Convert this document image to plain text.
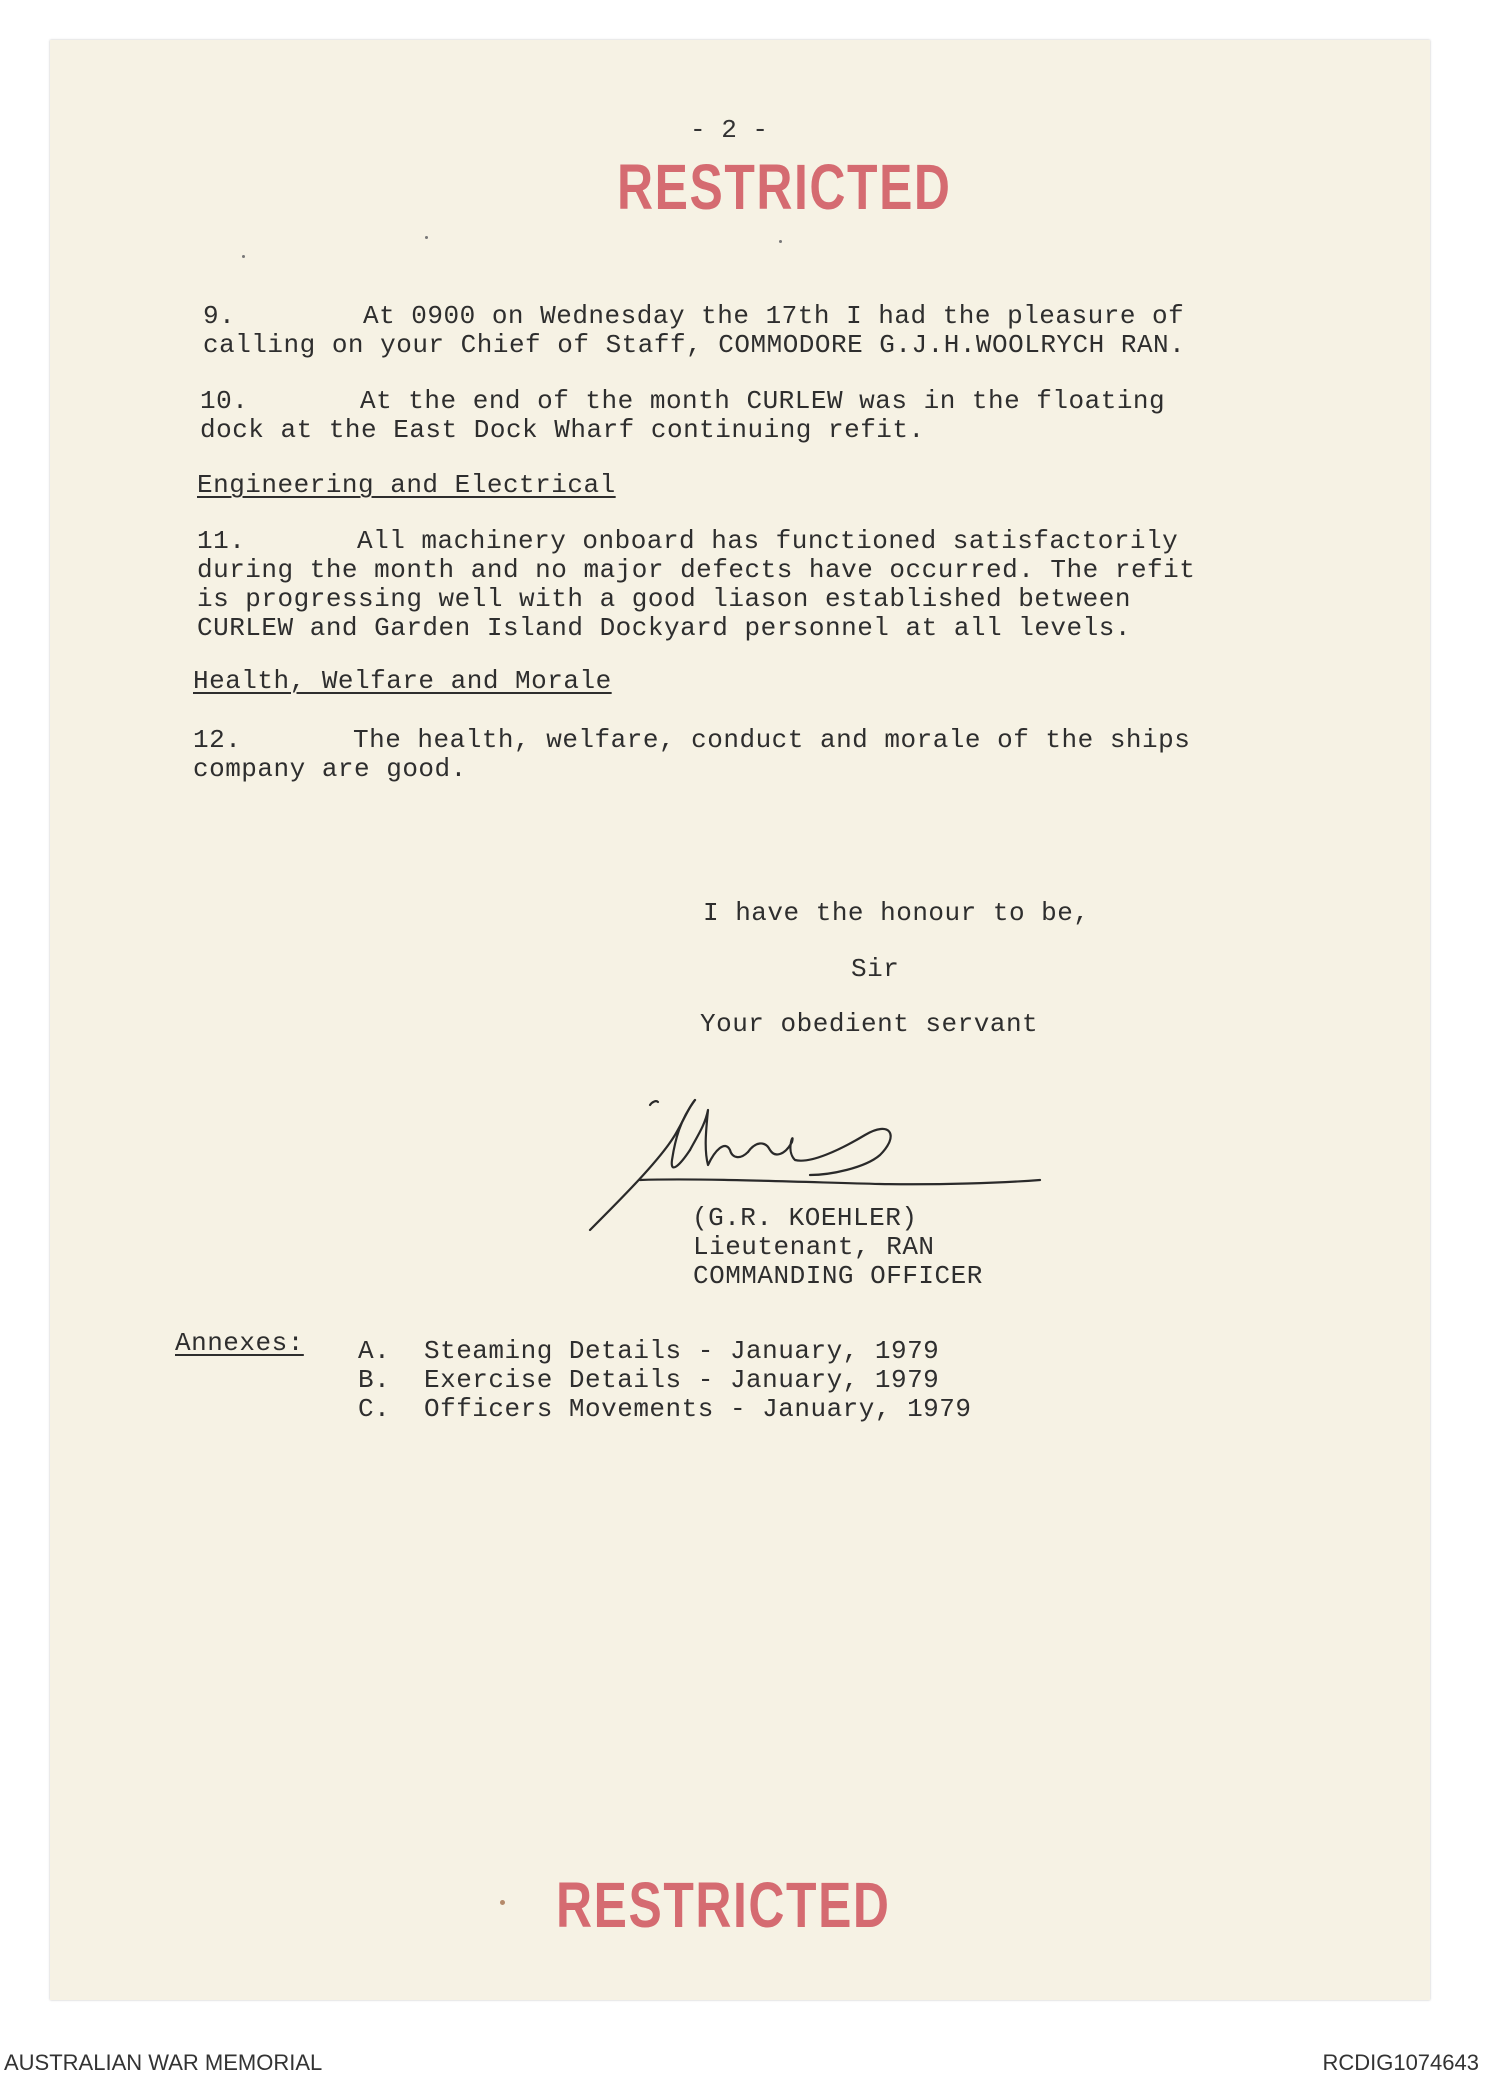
- 2 -
RESTRICTED
9.	At 0900 on Wednesday the 17th I had the pleasure of
calling on your Chief of Staff, COMMODORE G.J.H.WOOLRYCH RAN.
10.	At the end of the month CURLEW was in the floating
dock at the East Dock Wharf continuing refit.
Engineering and Electrical
11.	All machinery onboard has functioned satisfactorily
during the month and no major defects have occurred. The refit
is progressing well with a good liason established between
CURLEW and Garden Island Dockyard personnel at all levels.
Health, Welfare and Morale
12.	The health, welfare, conduct and morale of the ships
company are good.
I have the honour to be,
Sir
Your obedient servant
(G.R. KOEHLER)
Lieutenant, RAN
COMMANDING OFFICER
Annexes: A. Steaming Details - January, 1979
B. Exercise Details - January, 1979
C. Officers Movements - January, 1979
RESTRICTED
AUSTRALIAN WAR MEMORIAL	RCDIG1074643
